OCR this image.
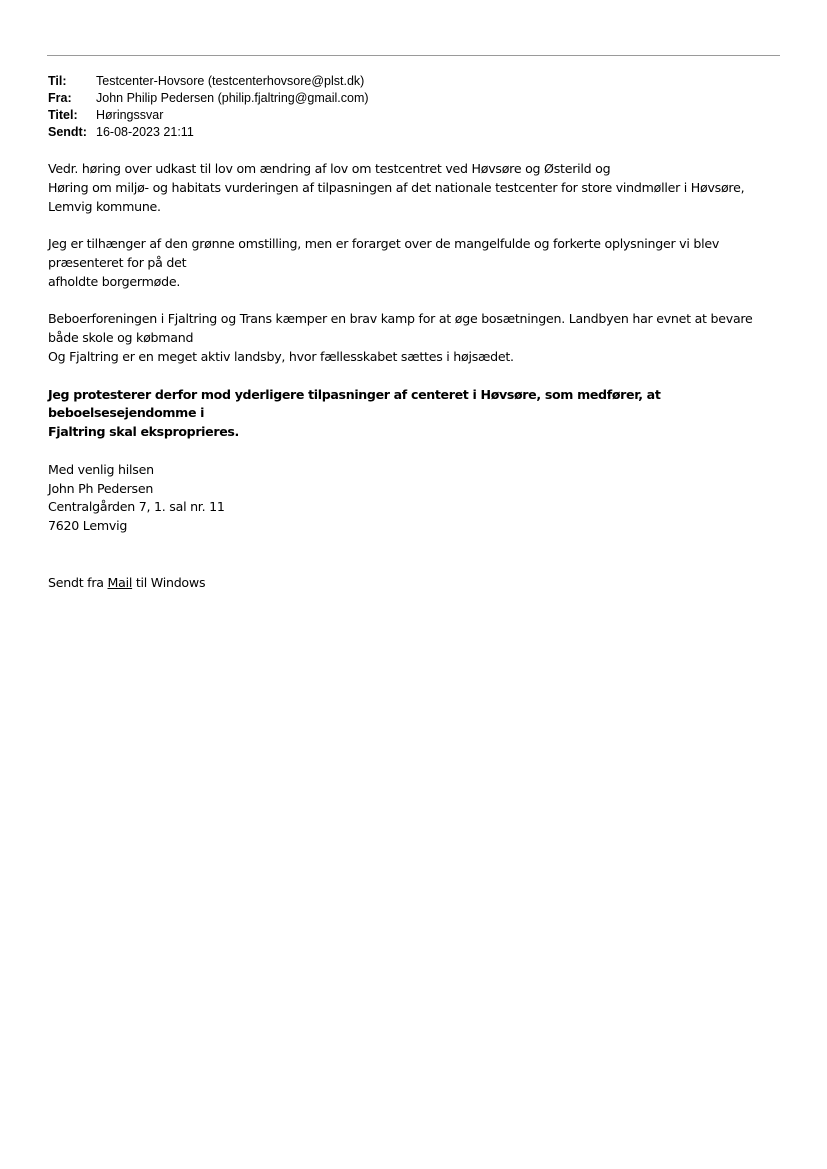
Til:	Testcenter-Hovsore (testcenterhovsore@plst.dk)
Fra:	John Philip Pedersen (philip.fjaltring@gmail.com)
Titel:	Høringssvar
Sendt: 16-08-2023 21:11

Vedr. høring over udkast til lov om ændring af lov om testcentret ved Høvsøre og Østerild og
Høring om miljø- og habitats vurderingen af tilpasningen af det nationale testcenter for store vindmøller i Høvsøre,
Lemvig kommune.

Jeg er tilhænger af den grønne omstilling, men er forarget over de mangelfulde og forkerte oplysninger vi blev
præsenteret for på det
afholdte borgermøde.

Beboerforeningen i Fjaltring og Trans kæmper en brav kamp for at øge bosætningen. Landbyen har evnet at bevare
både skole og købmand
Og Fjaltring er en meget aktiv landsby, hvor fællesskabet sættes i højsædet.

Jeg protesterer derfor mod yderligere tilpasninger af centeret i Høvsøre, som medfører, at beboelsesejendomme i
Fjaltring skal eksproprieres.

Med venlig hilsen
John Ph Pedersen
Centralgården 7, 1. sal nr. 11
7620 Lemvig

Sendt fra Mail til Windows
